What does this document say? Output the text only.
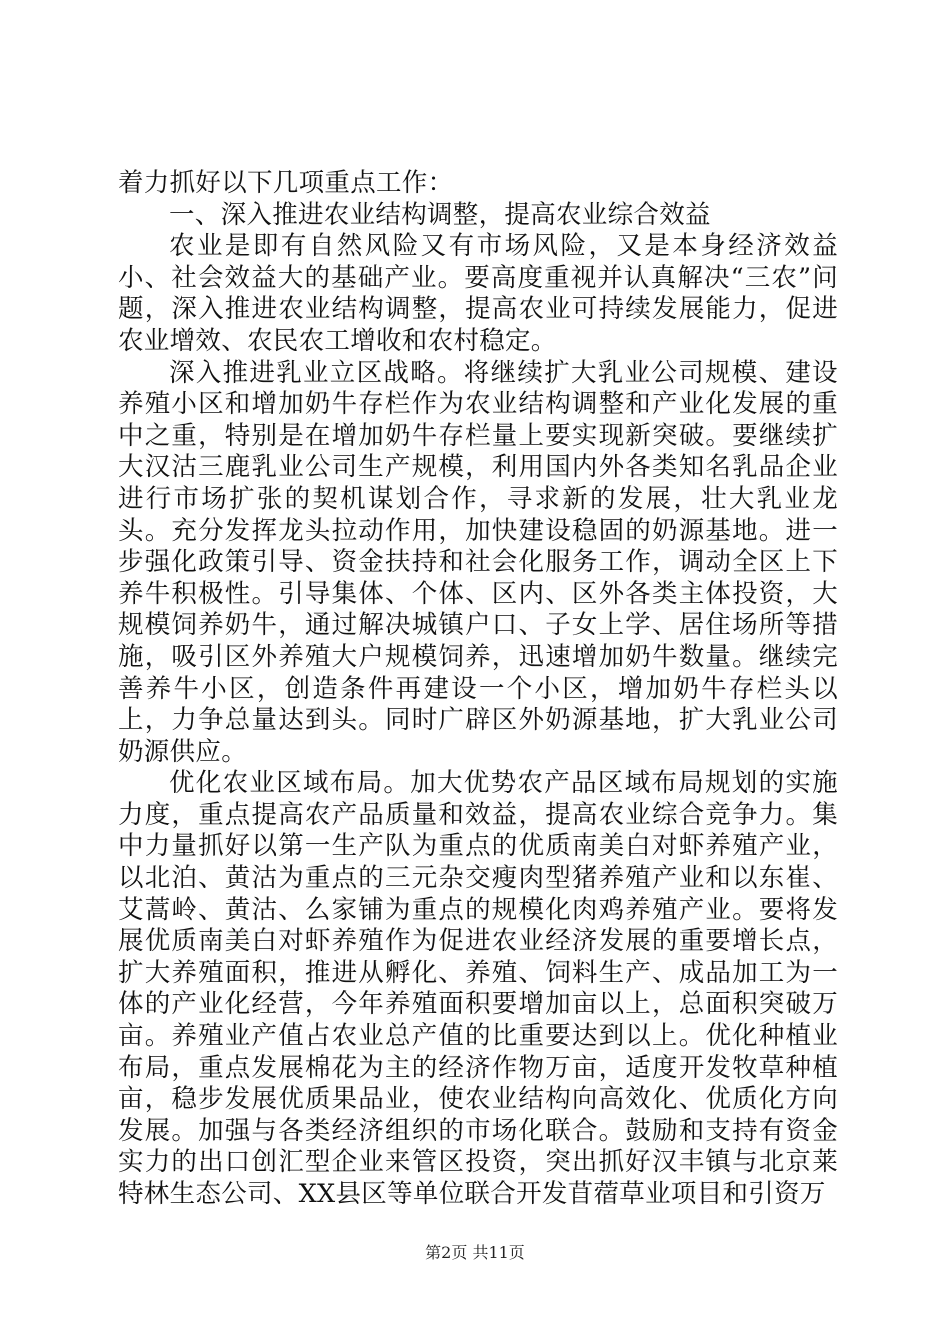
着力抓好以下几项重点工作：

一、深入推进农业结构调整，提高农业综合效益

农业是即有自然风险又有市场风险，又是本身经济效益小、社会效益大的基础产业。要高度重视并认真解决“三农”问题，深入推进农业结构调整，提高农业可持续发展能力，促进农业增效、农民农工增收和农村稳定。

深入推进乳业立区战略。将继续扩大乳业公司规模、建设养殖小区和增加奶牛存栏作为农业结构调整和产业化发展的重中之重，特别是在增加奶牛存栏量上要实现新突破。要继续扩大汉沽三鹿乳业公司生产规模，利用国内外各类知名乳品企业进行市场扩张的契机谋划合作，寻求新的发展，壮大乳业龙头。充分发挥龙头拉动作用，加快建设稳固的奶源基地。进一步强化政策引导、资金扶持和社会化服务工作，调动全区上下养牛积极性。引导集体、个体、区内、区外各类主体投资，大规模饲养奶牛，通过解决城镇户口、子女上学、居住场所等措施，吸引区外养殖大户规模饲养，迅速增加奶牛数量。继续完善养牛小区，创造条件再建设一个小区，增加奶牛存栏头以上，力争总量达到头。同时广辟区外奶源基地，扩大乳业公司奶源供应。

优化农业区域布局。加大优势农产品区域布局规划的实施力度，重点提高农产品质量和效益，提高农业综合竞争力。集中力量抓好以第一生产队为重点的优质南美白对虾养殖产业，以北泊、黄沽为重点的三元杂交瘦肉型猪养殖产业和以东崔、艾蒿岭、黄沽、么家铺为重点的规模化肉鸡养殖产业。要将发展优质南美白对虾养殖作为促进农业经济发展的重要增长点，扩大养殖面积，推进从孵化、养殖、饲料生产、成品加工为一体的产业化经营，今年养殖面积要增加亩以上，总面积突破万亩。养殖业产值占农业总产值的比重要达到以上。优化种植业布局，重点发展棉花为主的经济作物万亩，适度开发牧草种植亩，稳步发展优质果品业，使农业结构向高效化、优质化方向发展。加强与各类经济组织的市场化联合。鼓励和支持有资金实力的出口创汇型企业来管区投资，突出抓好汉丰镇与北京莱特林生态公司、XX县区等单位联合开发苜蓿草业项目和引资万

第2页 共11页
